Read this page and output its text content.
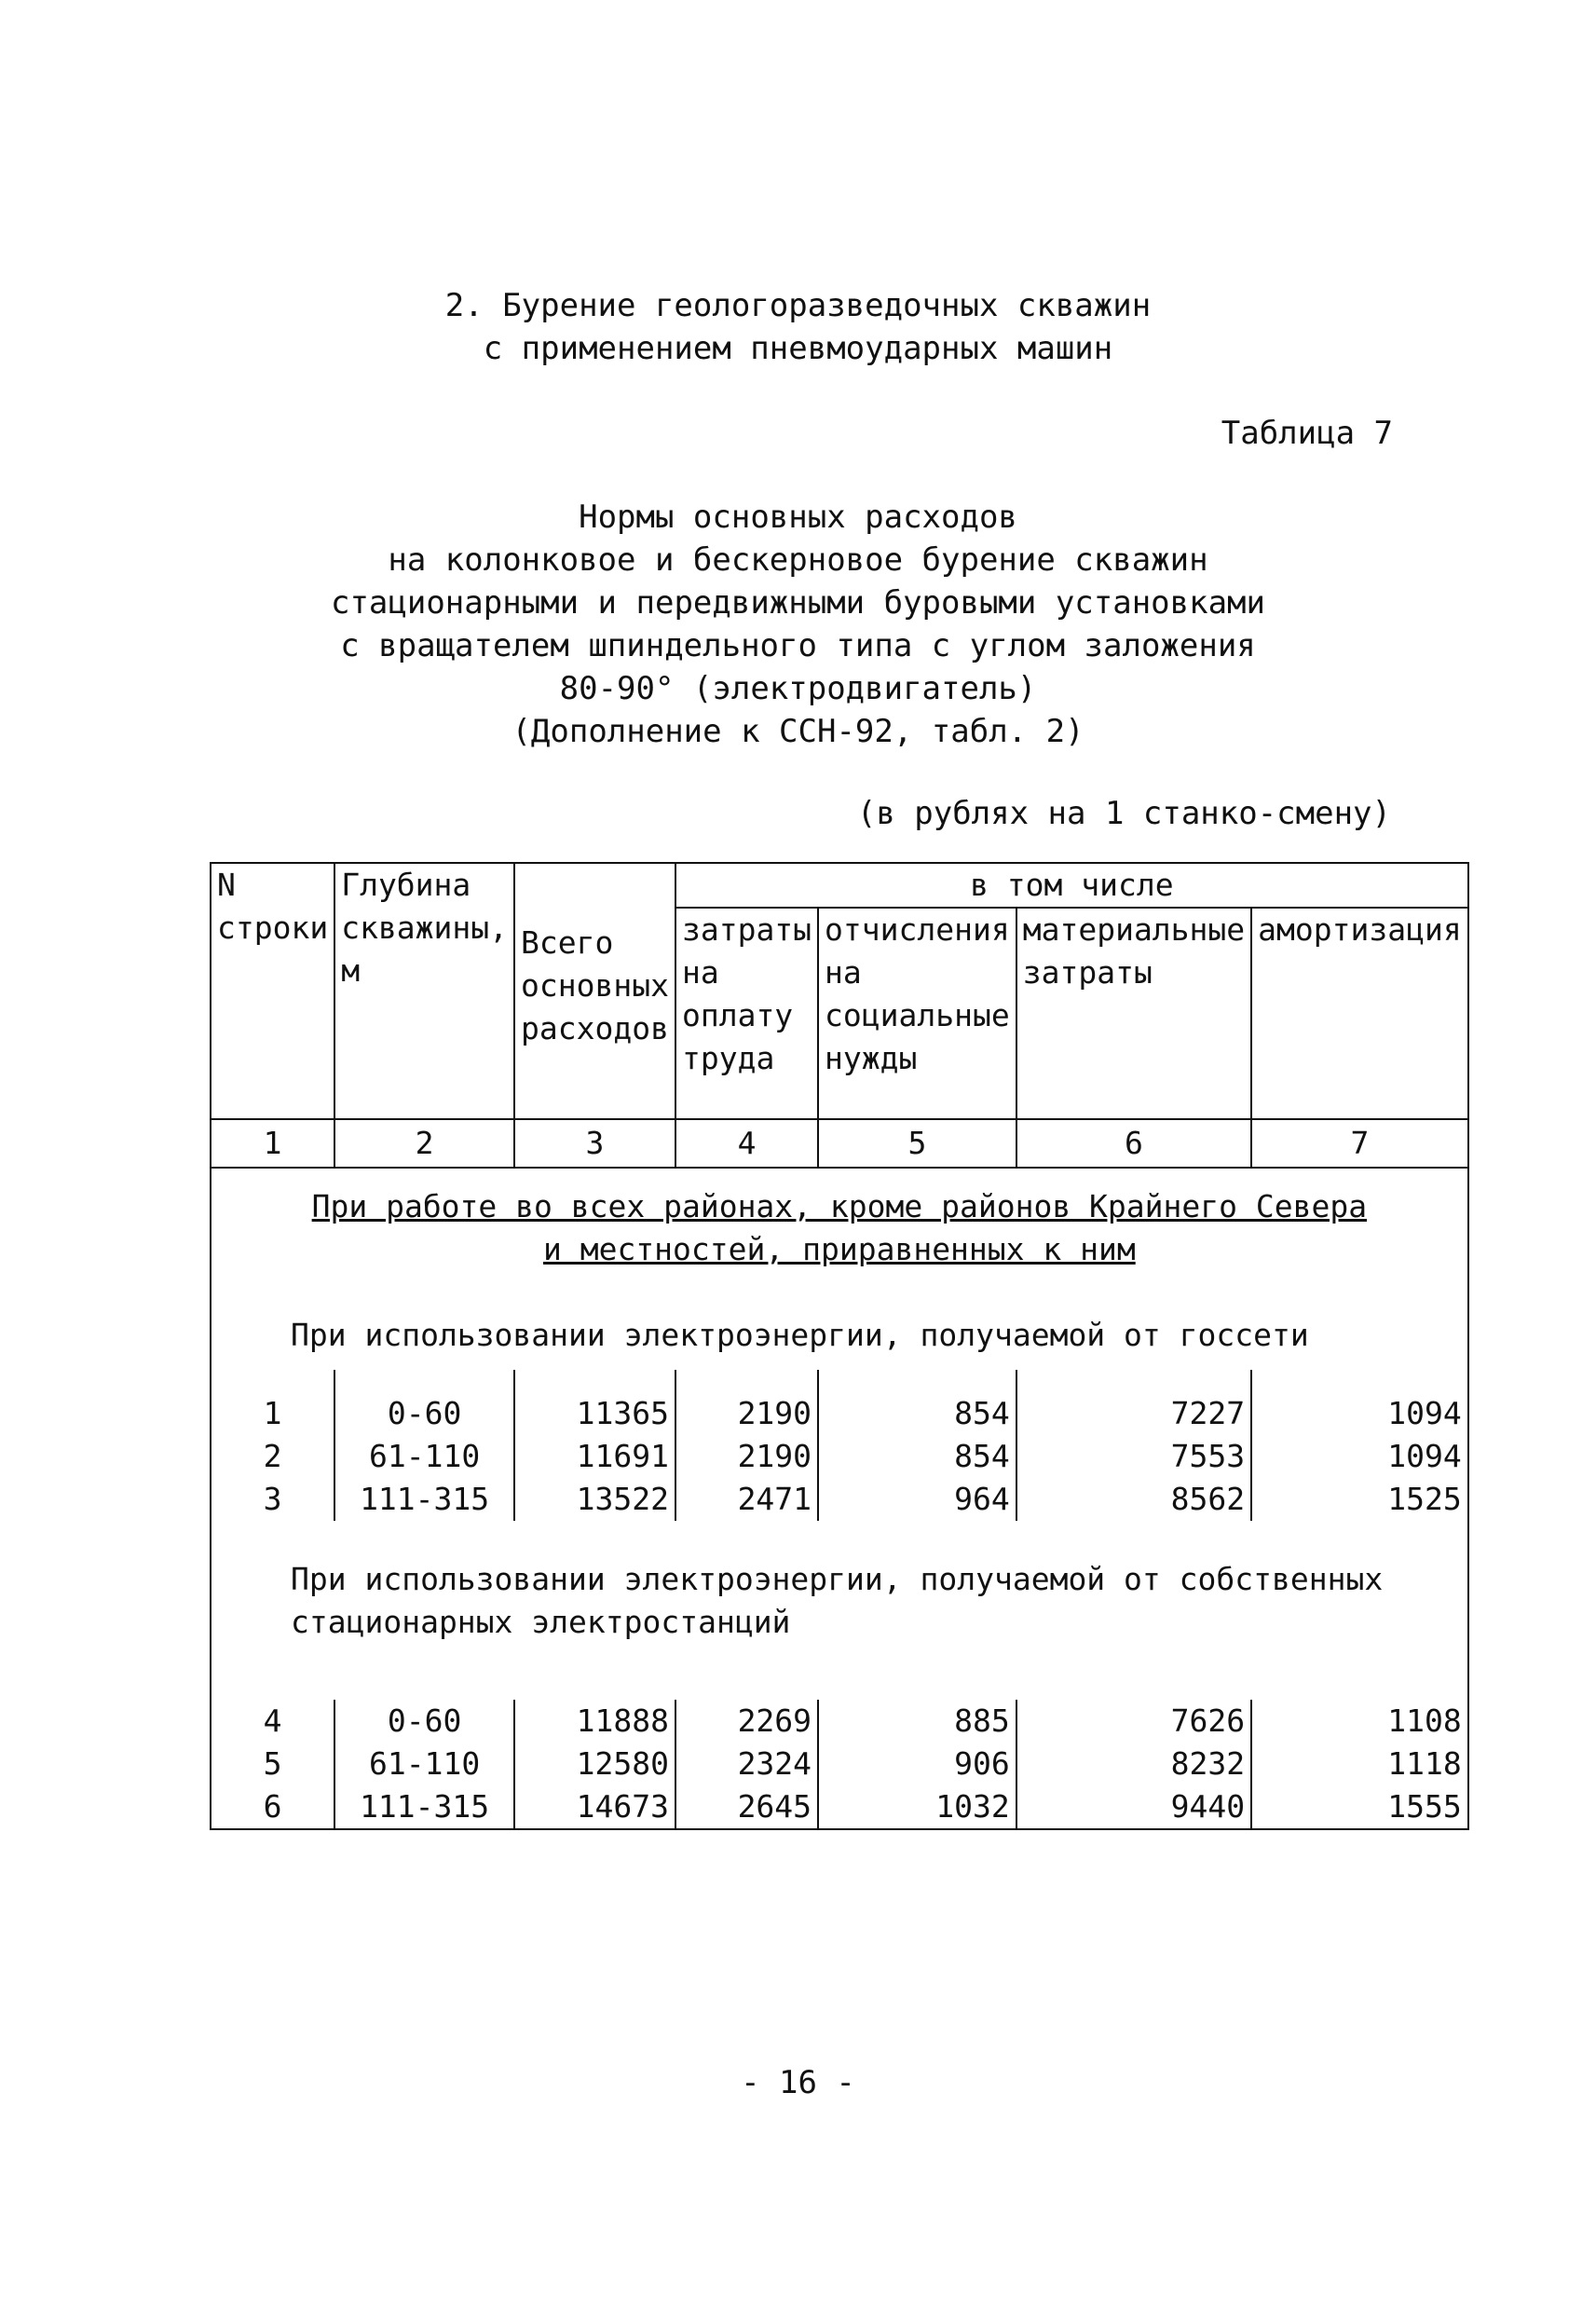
2. Бурение геологоразведочных скважин
с применением пневмоударных машин
Таблица 7
Нормы основных расходов
на колонковое и бескерновое бурение скважин
стационарными и передвижными буровыми установками
с вращателем шпиндельного типа с углом заложения
80-90° (электродвигатель)
(Дополнение к ССН-92, табл. 2)
(в рублях на 1 станко-смену)
N строки	Глубина скважины, м	Всего основных расходов	в том числе			
			затраты на оплату труда	отчисления на социальные нужды	материальные затраты	амортизация
1	2	3	4	5	6	7
При работе во всех районах, кроме районов Крайнего Севера
и местностей, приравненных к ним						
При использовании электроэнергии, получаемой от госсети						
1	0-60	11365	2190	854	7227	1094
2	61-110	11691	2190	854	7553	1094
3	111-315	13522	2471	964	8562	1525
При использовании электроэнергии, получаемой от собственных
стационарных электростанций						
4	0-60	11888	2269	885	7626	1108
5	61-110	12580	2324	906	8232	1118
6	111-315	14673	2645	1032	9440	1555
- 16 -
